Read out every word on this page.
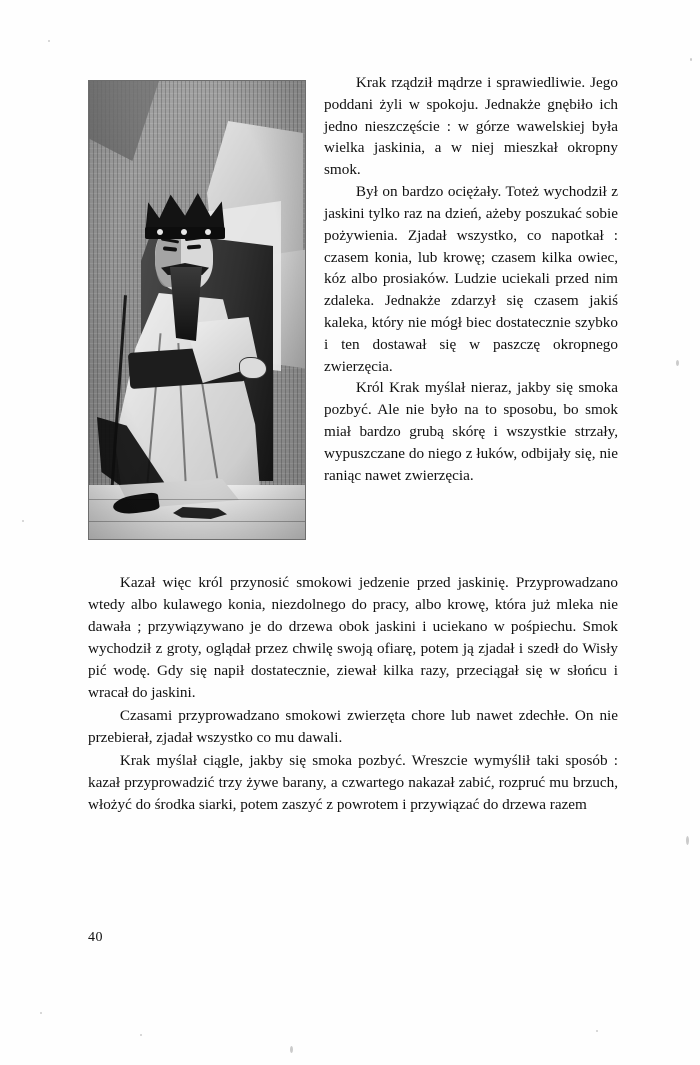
Krak rządził mądrze i sprawiedliwie. Jego poddani żyli w spokoju. Jednakże gnębiło ich jedno nieszczęście : w górze wawelskiej była wielka jaskinia, a w niej mieszkał okropny smok.

Był on bardzo ociężały. Toteż wychodził z jaskini tylko raz na dzień, ażeby poszukać sobie pożywienia. Zjadał wszystko, co napotkał : czasem konia, lub krowę; czasem kilka owiec, kóz albo prosiaków. Ludzie uciekali przed nim zdaleka. Jednakże zdarzył się czasem jakiś kaleka, który nie mógł biec dostatecznie szybko i ten dostawał się w paszczę okropnego zwierzęcia.

Król Krak myślał nieraz, jakby się smoka pozbyć. Ale nie było na to sposobu, bo smok miał bardzo grubą skórę i wszystkie strzały, wypuszczane do niego z łuków, odbijały się, nie raniąc nawet zwierzęcia.

Kazał więc król przynosić smokowi jedzenie przed jaskinię. Przyprowadzano wtedy albo kulawego konia, niezdolnego do pracy, albo krowę, która już mleka nie dawała ; przywiązywano je do drzewa obok jaskini i uciekano w pośpiechu. Smok wychodził z groty, oglądał przez chwilę swoją ofiarę, potem ją zjadał i szedł do Wisły pić wodę. Gdy się napił dostatecznie, ziewał kilka razy, przeciągał się w słońcu i wracał do jaskini.

Czasami przyprowadzano smokowi zwierzęta chore lub nawet zdechłe. On nie przebierał, zjadał wszystko co mu dawali.

Krak myślał ciągle, jakby się smoka pozbyć. Wreszcie wymyślił taki sposób : kazał przyprowadzić trzy żywe barany, a czwartego nakazał zabić, rozpruć mu brzuch, włożyć do środka siarki, potem zaszyć z powrotem i przywiązać do drzewa razem

40
